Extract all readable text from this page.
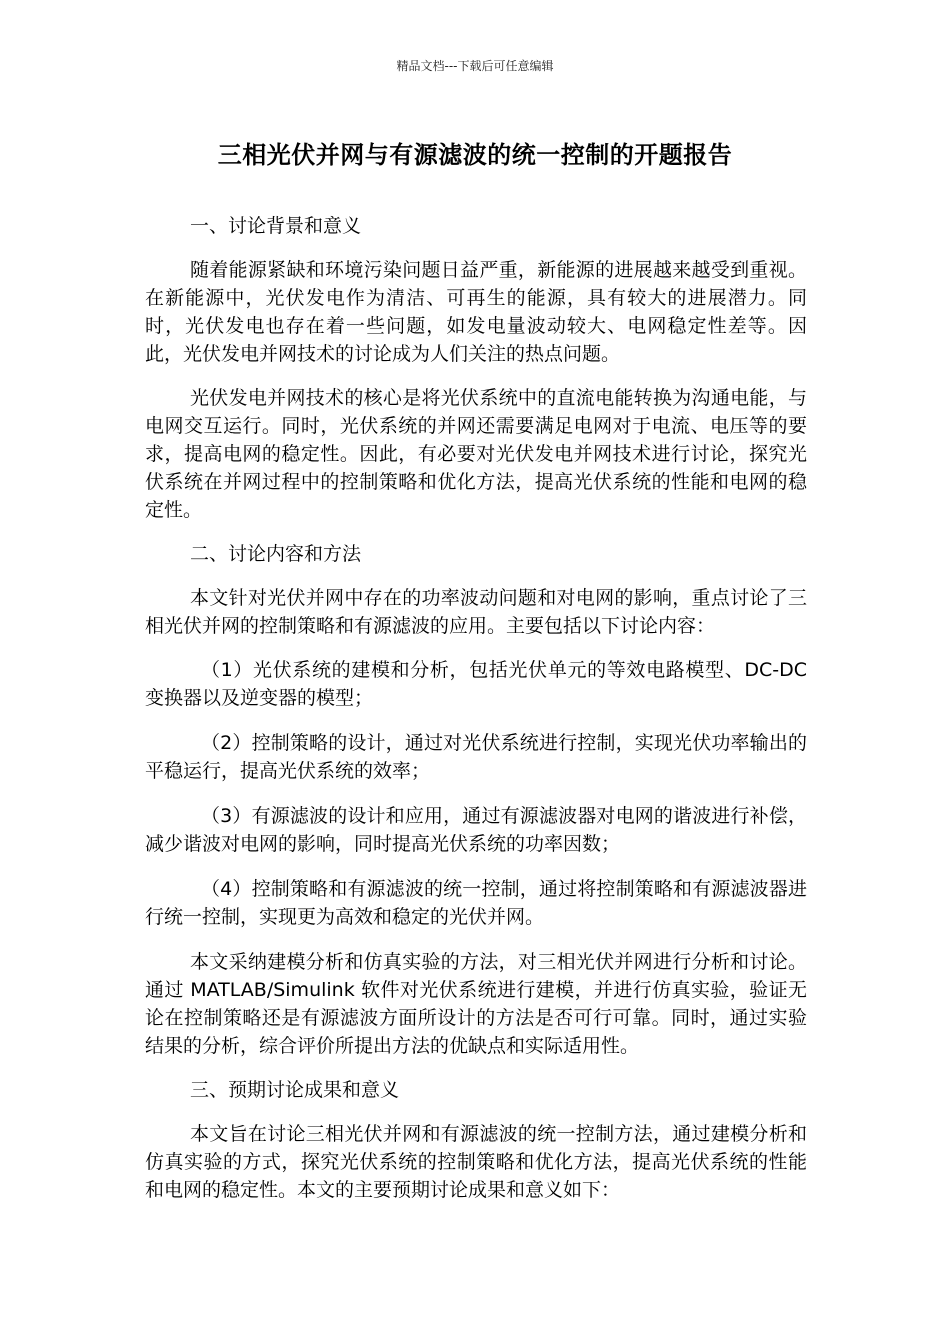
精品文档---下载后可任意编辑
三相光伏并网与有源滤波的统一控制的开题报告

一、讨论背景和意义

随着能源紧缺和环境污染问题日益严重，新能源的进展越来越受到重视。在新能源中，光伏发电作为清洁、可再生的能源，具有较大的进展潜力。同时，光伏发电也存在着一些问题，如发电量波动较大、电网稳定性差等。因此，光伏发电并网技术的讨论成为人们关注的热点问题。

光伏发电并网技术的核心是将光伏系统中的直流电能转换为沟通电能，与电网交互运行。同时，光伏系统的并网还需要满足电网对于电流、电压等的要求，提高电网的稳定性。因此，有必要对光伏发电并网技术进行讨论，探究光伏系统在并网过程中的控制策略和优化方法，提高光伏系统的性能和电网的稳定性。

二、讨论内容和方法

本文针对光伏并网中存在的功率波动问题和对电网的影响，重点讨论了三相光伏并网的控制策略和有源滤波的应用。主要包括以下讨论内容：

（1）光伏系统的建模和分析，包括光伏单元的等效电路模型、DC-DC 变换器以及逆变器的模型；

（2）控制策略的设计，通过对光伏系统进行控制，实现光伏功率输出的平稳运行，提高光伏系统的效率；

（3）有源滤波的设计和应用，通过有源滤波器对电网的谐波进行补偿，减少谐波对电网的影响，同时提高光伏系统的功率因数；

（4）控制策略和有源滤波的统一控制，通过将控制策略和有源滤波器进行统一控制，实现更为高效和稳定的光伏并网。

本文采纳建模分析和仿真实验的方法，对三相光伏并网进行分析和讨论。通过 MATLAB/Simulink 软件对光伏系统进行建模，并进行仿真实验，验证无论在控制策略还是有源滤波方面所设计的方法是否可行可靠。同时，通过实验结果的分析，综合评价所提出方法的优缺点和实际适用性。

三、预期讨论成果和意义

本文旨在讨论三相光伏并网和有源滤波的统一控制方法，通过建模分析和仿真实验的方式，探究光伏系统的控制策略和优化方法，提高光伏系统的性能和电网的稳定性。本文的主要预期讨论成果和意义如下：
